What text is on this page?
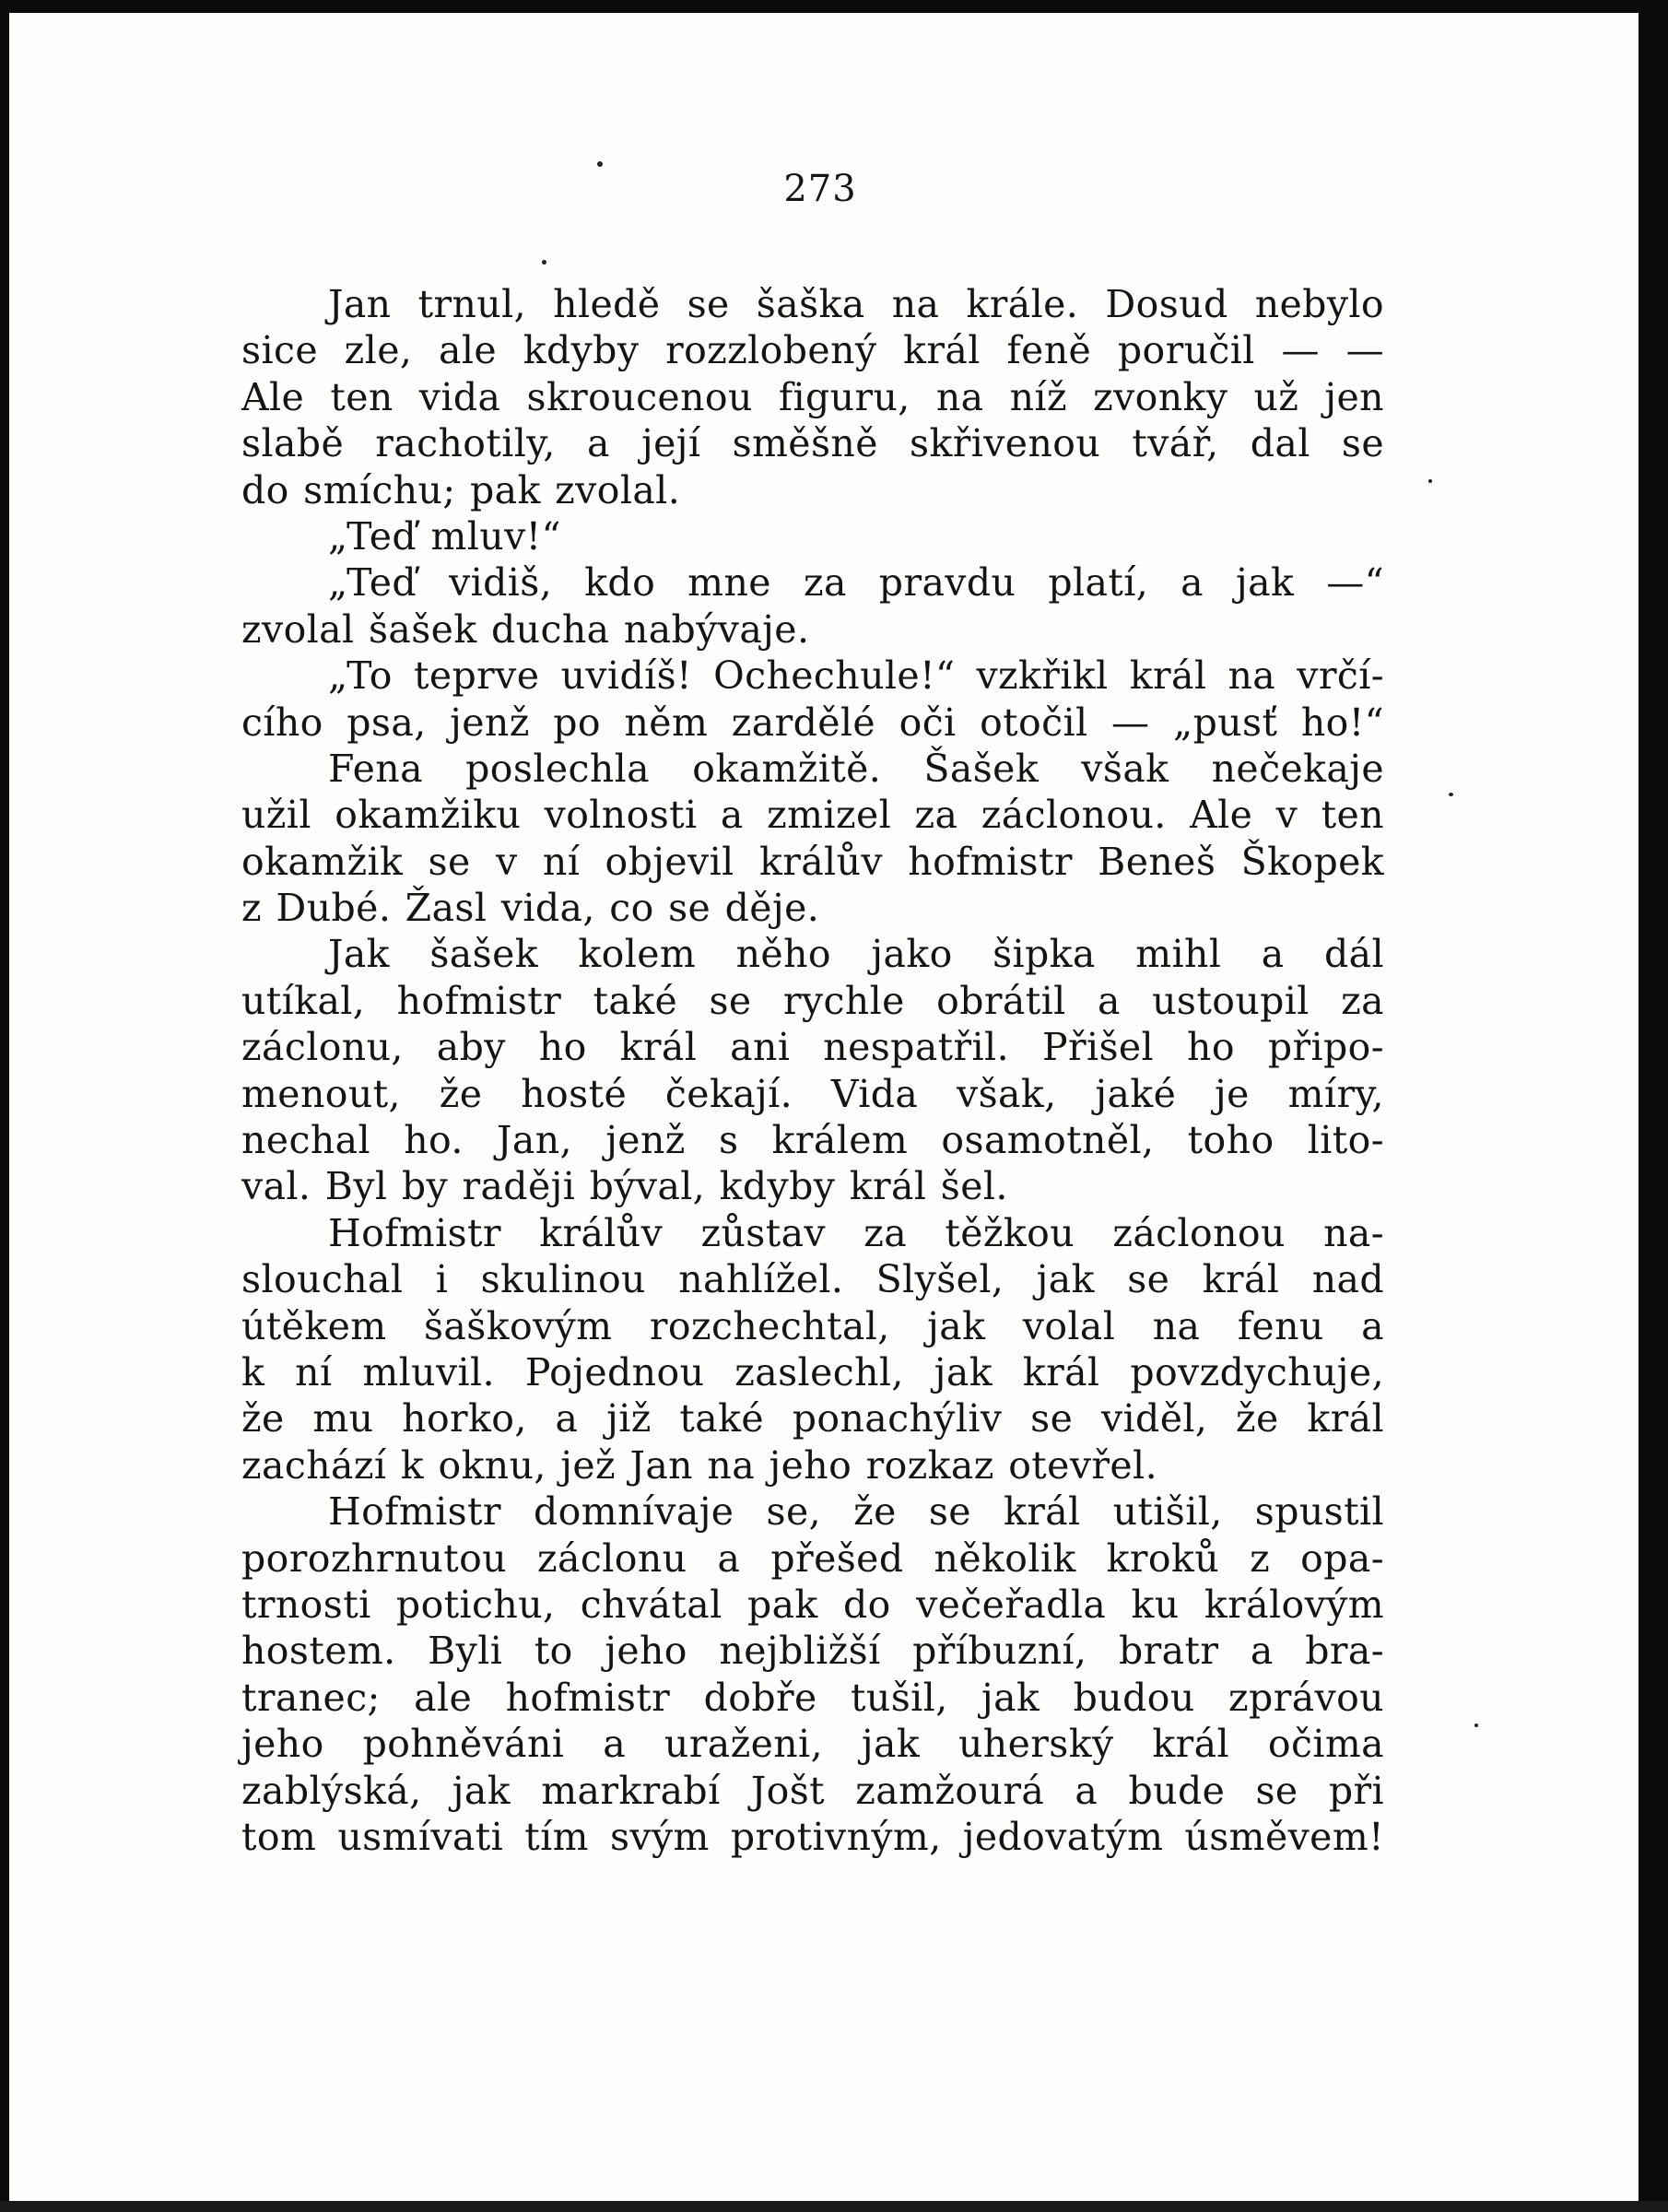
273
Jan trnul, hledě se šaška na krále. Dosud nebylo
sice zle, ale kdyby rozzlobený král feně poručil — —
Ale ten vida skroucenou figuru, na níž zvonky už jen
slabě rachotily, a její směšně skřivenou tvář, dal se
do smíchu; pak zvolal.
„Teď mluv!“
„Teď vidiš, kdo mne za pravdu platí, a jak —“
zvolal šašek ducha nabývaje.
„To teprve uvidíš! Ochechule!“ vzkřikl král na vrčí-
cího psa, jenž po něm zardělé oči otočil — „pusť ho!“
Fena poslechla okamžitě. Šašek však nečekaje
užil okamžiku volnosti a zmizel za záclonou. Ale v ten
okamžik se v ní objevil králův hofmistr Beneš Škopek
z Dubé. Žasl vida, co se děje.
Jak šašek kolem něho jako šipka mihl a dál
utíkal, hofmistr také se rychle obrátil a ustoupil za
záclonu, aby ho král ani nespatřil. Přišel ho připo-
menout, že hosté čekají. Vida však, jaké je míry,
nechal ho. Jan, jenž s králem osamotněl, toho lito-
val. Byl by raději býval, kdyby král šel.
Hofmistr králův zůstav za těžkou záclonou na-
slouchal i skulinou nahlížel. Slyšel, jak se král nad
útěkem šaškovým rozchechtal, jak volal na fenu a
k ní mluvil. Pojednou zaslechl, jak král povzdychuje,
že mu horko, a již také ponachýliv se viděl, že král
zachází k oknu, jež Jan na jeho rozkaz otevřel.
Hofmistr domnívaje se, že se král utišil, spustil
porozhrnutou záclonu a přešed několik kroků z opa-
trnosti potichu, chvátal pak do večeřadla ku královým
hostem. Byli to jeho nejbližší příbuzní, bratr a bra-
tranec; ale hofmistr dobře tušil, jak budou zprávou
jeho pohněváni a uraženi, jak uherský král očima
zablýská, jak markrabí Jošt zamžourá a bude se při
tom usmívati tím svým protivným, jedovatým úsměvem!
